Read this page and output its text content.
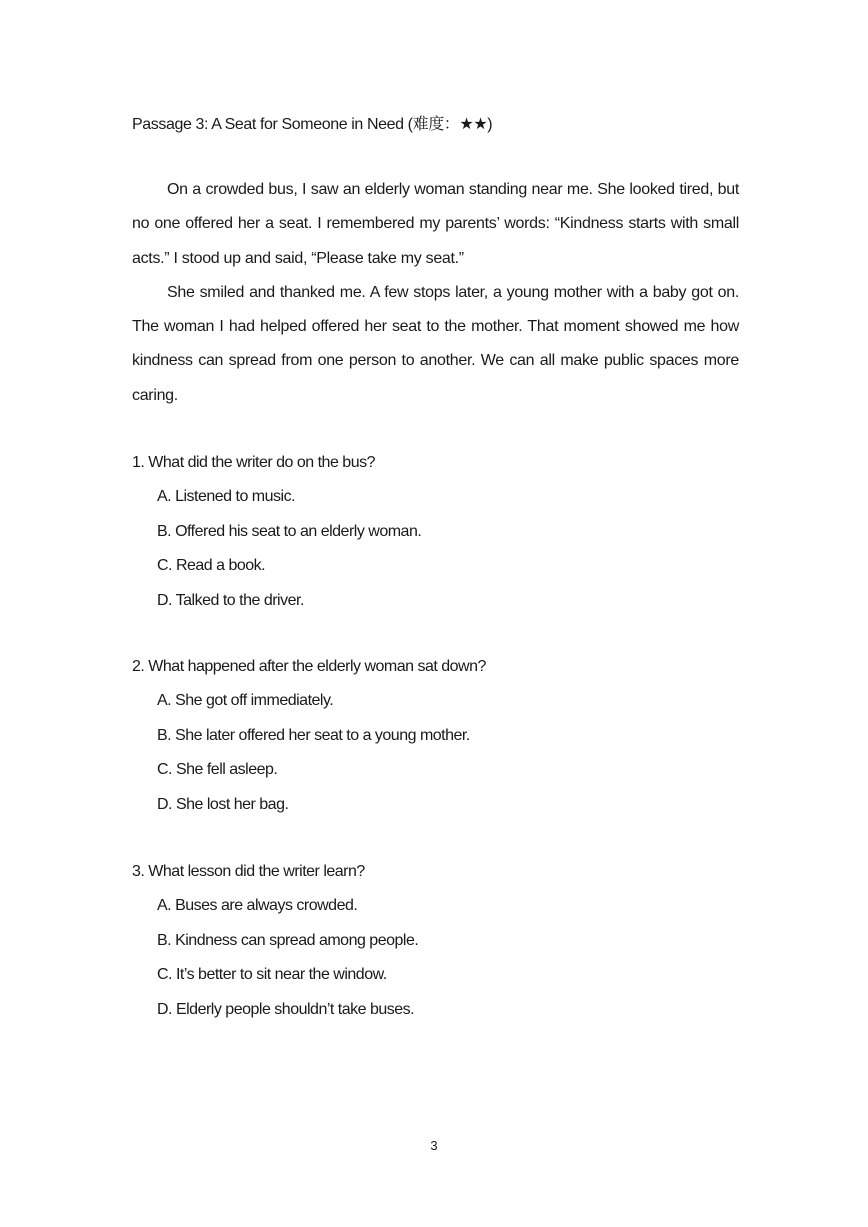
Passage 3: A Seat for Someone in Need (难度：★★)

On a crowded bus, I saw an elderly woman standing near me. She looked tired, but no one offered her a seat. I remembered my parents’ words: “Kindness starts with small acts.” I stood up and said, “Please take my seat.”

She smiled and thanked me. A few stops later, a young mother with a baby got on. The woman I had helped offered her seat to the mother. That moment showed me how kindness can spread from one person to another. We can all make public spaces more caring.

1. What did the writer do on the bus?
A. Listened to music.
B. Offered his seat to an elderly woman.
C. Read a book.
D. Talked to the driver.
2. What happened after the elderly woman sat down?
A. She got off immediately.
B. She later offered her seat to a young mother.
C. She fell asleep.
D. She lost her bag.
3. What lesson did the writer learn?
A. Buses are always crowded.
B. Kindness can spread among people.
C. It’s better to sit near the window.
D. Elderly people shouldn’t take buses.
3
